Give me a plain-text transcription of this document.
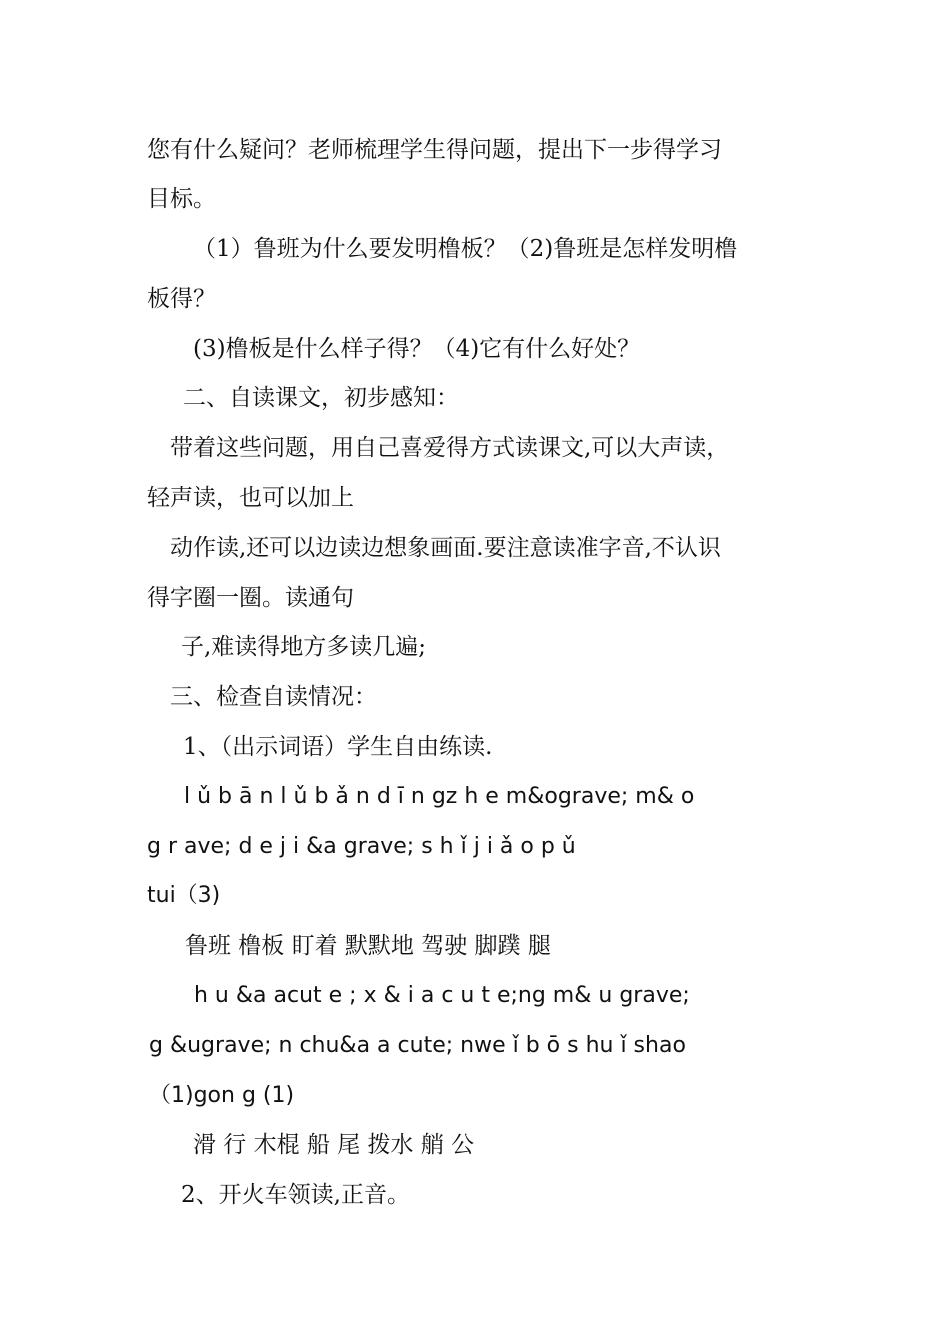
您有什么疑问？老师梳理学生得问题，提出下一步得学习
目标。
（1）鲁班为什么要发明橹板？（2)鲁班是怎样发明橹
板得？
(3)橹板是什么样子得？（4)它有什么好处？
二、自读课文，初步感知：
带着这些问题，用自己喜爱得方式读课文,可以大声读，
轻声读，也可以加上
动作读,还可以边读边想象画面.要注意读准字音,不认识
得字圈一圈。读通句
子,难读得地方多读几遍;
三、检查自读情况：
1、（出示词语）学生自由练读.
l ǔ b ā n l ǔ b ǎ n d ī n gz h e m&ograve; m& o
g r ave; d e j i &a grave; s h ǐ j i ǎ o p ǔ
tui（3)
鲁班 橹板 盯着 默默地 驾驶 脚蹼 腿
h u &a acut e ; x & i a c u t e;ng m& u grave;
g &ugrave; n chu&a a cute; nwe ǐ b ō s hu ǐ shao
（1)gon g (1)
滑 行 木棍 船 尾 拨水 艄 公
2、开火车领读,正音。
